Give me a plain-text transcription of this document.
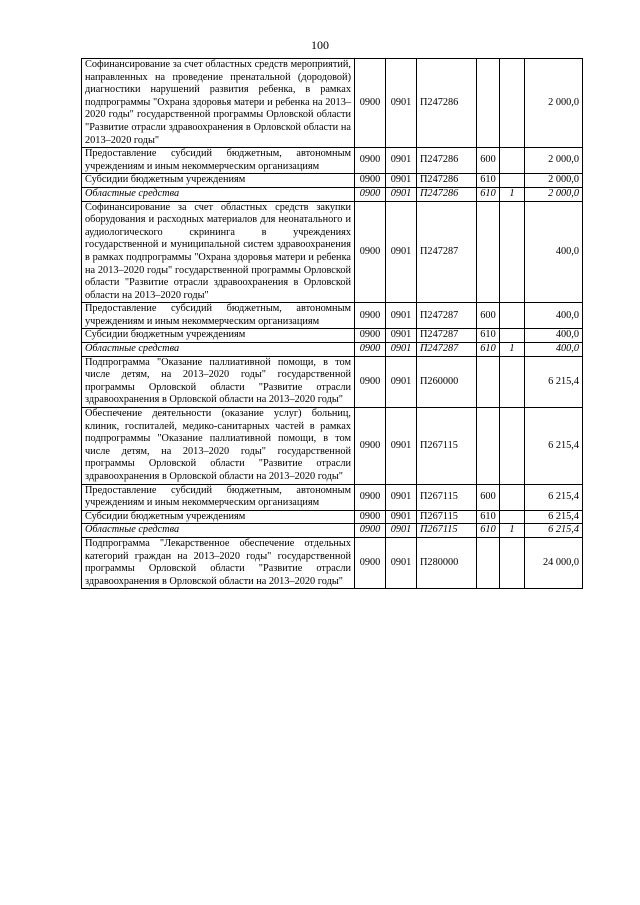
100
Софинансирование за счет областных средств мероприятий, направленных на проведение пренатальной (дородовой) диагностики нарушений развития ребенка, в рамках подпрограммы "Охрана здоровья матери и ребенка на 2013–2020 годы" государственной программы Орловской области "Развитие отрасли здравоохранения в Орловской области на 2013–2020 годы"	0900	0901	П247286			2 000,0
Предоставление субсидий бюджетным, автономным учреждениям и иным некоммерческим организациям	0900	0901	П247286	600		2 000,0
Субсидии бюджетным учреждениям	0900	0901	П247286	610		2 000,0
Областные средства	0900	0901	П247286	610	1	2 000,0
Софинансирование за счет областных средств закупки оборудования и расходных материалов для неонатального и аудиологического скрининга в учреждениях государственной и муниципальной систем здравоохранения в рамках подпрограммы "Охрана здоровья матери и ребенка на 2013–2020 годы" государственной программы Орловской области "Развитие отрасли здравоохранения в Орловской области на 2013–2020 годы"	0900	0901	П247287			400,0
Предоставление субсидий бюджетным, автономным учреждениям и иным некоммерческим организациям	0900	0901	П247287	600		400,0
Субсидии бюджетным учреждениям	0900	0901	П247287	610		400,0
Областные средства	0900	0901	П247287	610	1	400,0
Подпрограмма "Оказание паллиативной помощи, в том числе детям, на 2013–2020 годы" государственной программы Орловской области "Развитие отрасли здравоохранения в Орловской области на 2013–2020 годы"	0900	0901	П260000			6 215,4
Обеспечение деятельности (оказание услуг) больниц, клиник, госпиталей, медико-санитарных частей в рамках подпрограммы "Оказание паллиативной помощи, в том числе детям, на 2013–2020 годы" государственной программы Орловской области "Развитие отрасли здравоохранения в Орловской области на 2013–2020 годы"	0900	0901	П267115			6 215,4
Предоставление субсидий бюджетным, автономным учреждениям и иным некоммерческим организациям	0900	0901	П267115	600		6 215,4
Субсидии бюджетным учреждениям	0900	0901	П267115	610		6 215,4
Областные средства	0900	0901	П267115	610	1	6 215,4
Подпрограмма "Лекарственное обеспечение отдельных категорий граждан на 2013–2020 годы" государственной программы Орловской области "Развитие отрасли здравоохранения в Орловской области на 2013–2020 годы"	0900	0901	П280000			24 000,0
